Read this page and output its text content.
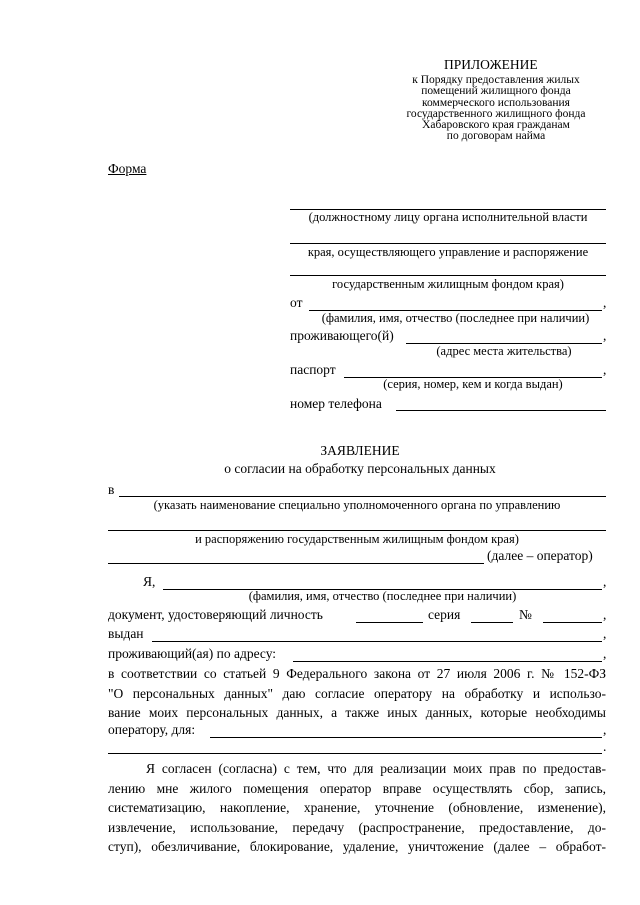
ПРИЛОЖЕНИЕ
к Порядку предоставления жилых
помещений жилищного фонда
коммерческого использования
государственного жилищного фонда
Хабаровского края гражданам
по договорам найма
Форма
(должностному лицу органа исполнительной власти
края, осуществляющего управление и распоряжение
государственным жилищным фондом края)
от	,
(фамилия, имя, отчество (последнее при наличии)
проживающего(й)	,
(адрес места жительства)
паспорт	,
(серия, номер, кем и когда выдан)
номер телефона
ЗАЯВЛЕНИЕ
о согласии на обработку персональных данных
в
(указать наименование специально уполномоченного органа по управлению
и распоряжению государственным жилищным фондом края)
(далее – оператор)
Я,	,
(фамилия, имя, отчество (последнее при наличии)
документ, удостоверяющий личность	серия	№	,
выдан	,
проживающий(ая) по адресу:	,
в соответствии со статьей 9 Федерального закона от 27 июля 2006 г. № 152-ФЗ
"О персональных данных" даю согласие оператору на обработку и использо-
вание моих персональных данных, а также иных данных, которые необходимы
оператору, для:	,
.
Я согласен (согласна) с тем, что для реализации моих прав по предостав-
лению мне жилого помещения оператор вправе осуществлять сбор, запись,
систематизацию, накопление, хранение, уточнение (обновление, изменение),
извлечение, использование, передачу (распространение, предоставление, до-
ступ), обезличивание, блокирование, удаление, уничтожение (далее – обработ-
